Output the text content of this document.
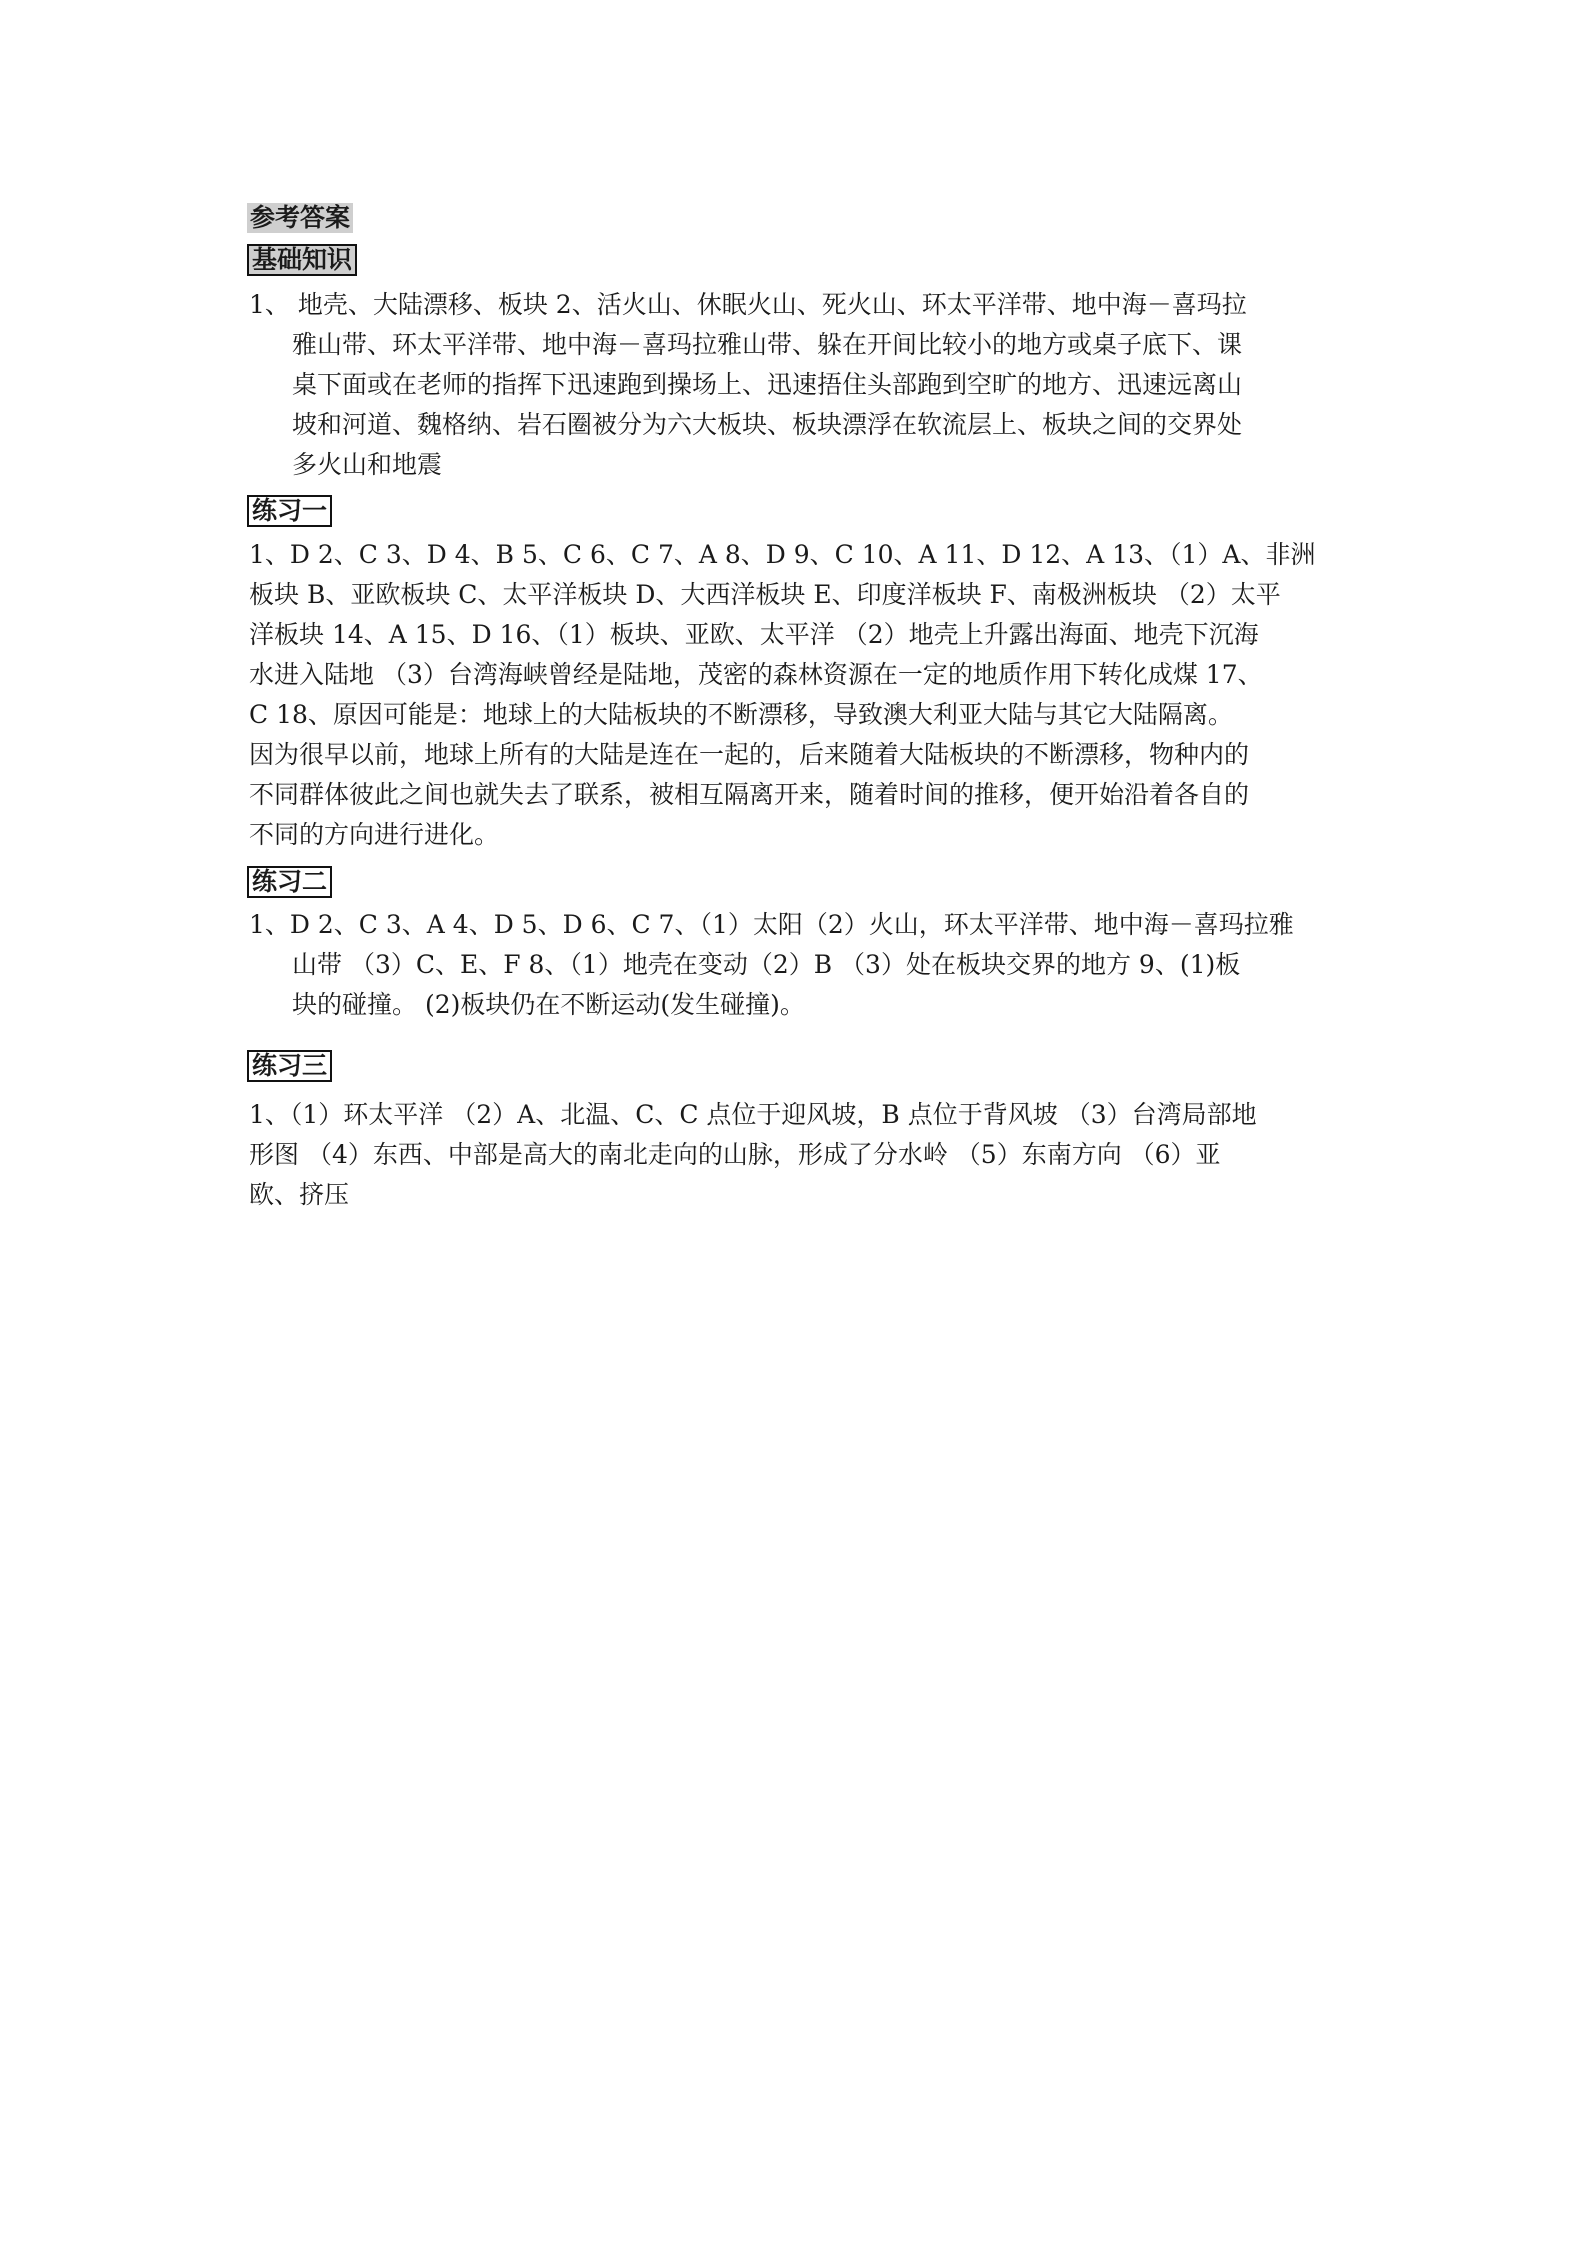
参考答案
基础知识
1、 地壳、大陆漂移、板块 2、活火山、休眠火山、死火山、环太平洋带、地中海－喜玛拉
雅山带、环太平洋带、地中海－喜玛拉雅山带、躲在开间比较小的地方或桌子底下、课
桌下面或在老师的指挥下迅速跑到操场上、迅速捂住头部跑到空旷的地方、迅速远离山
坡和河道、魏格纳、岩石圈被分为六大板块、板块漂浮在软流层上、板块之间的交界处
多火山和地震
练习一
1、D 2、C 3、D 4、B 5、C 6、C 7、A 8、D 9、C 10、A 11、D 12、A 13、（1）A、非洲
板块 B、亚欧板块 C、太平洋板块 D、大西洋板块 E、印度洋板块 F、南极洲板块 （2）太平
洋板块 14、A 15、D 16、（1）板块、亚欧、太平洋 （2）地壳上升露出海面、地壳下沉海
水进入陆地 （3）台湾海峡曾经是陆地，茂密的森林资源在一定的地质作用下转化成煤 17、
C 18、原因可能是：地球上的大陆板块的不断漂移，导致澳大利亚大陆与其它大陆隔离。
因为很早以前，地球上所有的大陆是连在一起的，后来随着大陆板块的不断漂移，物种内的
不同群体彼此之间也就失去了联系，被相互隔离开来，随着时间的推移，便开始沿着各自的
不同的方向进行进化。
练习二
1、D 2、C 3、A 4、D 5、D 6、C 7、（1）太阳（2）火山，环太平洋带、地中海－喜玛拉雅
山带 （3）C、E、F 8、（1）地壳在变动（2）B （3）处在板块交界的地方 9、(1)板
块的碰撞。 (2)板块仍在不断运动(发生碰撞)。
练习三
1、（1）环太平洋 （2）A、北温、C、C 点位于迎风坡，B 点位于背风坡 （3）台湾局部地
形图 （4）东西、中部是高大的南北走向的山脉，形成了分水岭 （5）东南方向 （6）亚
欧、挤压
